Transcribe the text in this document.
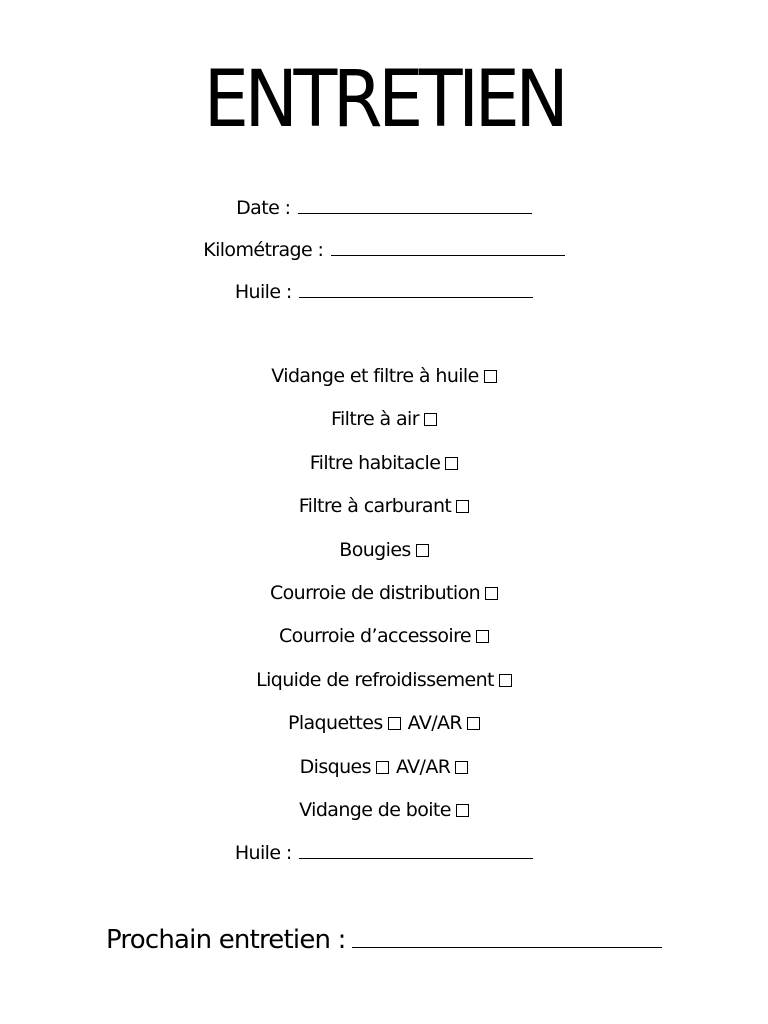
ENTRETIEN
Date :
Kilométrage :
Huile :
Vidange et filtre à huile
Filtre à air
Filtre habitacle
Filtre à carburant
Bougies
Courroie de distribution
Courroie d’accessoire
Liquide de refroidissement
Plaquettes AV/AR
Disques AV/AR
Vidange de boite
Huile :
Prochain entretien :
